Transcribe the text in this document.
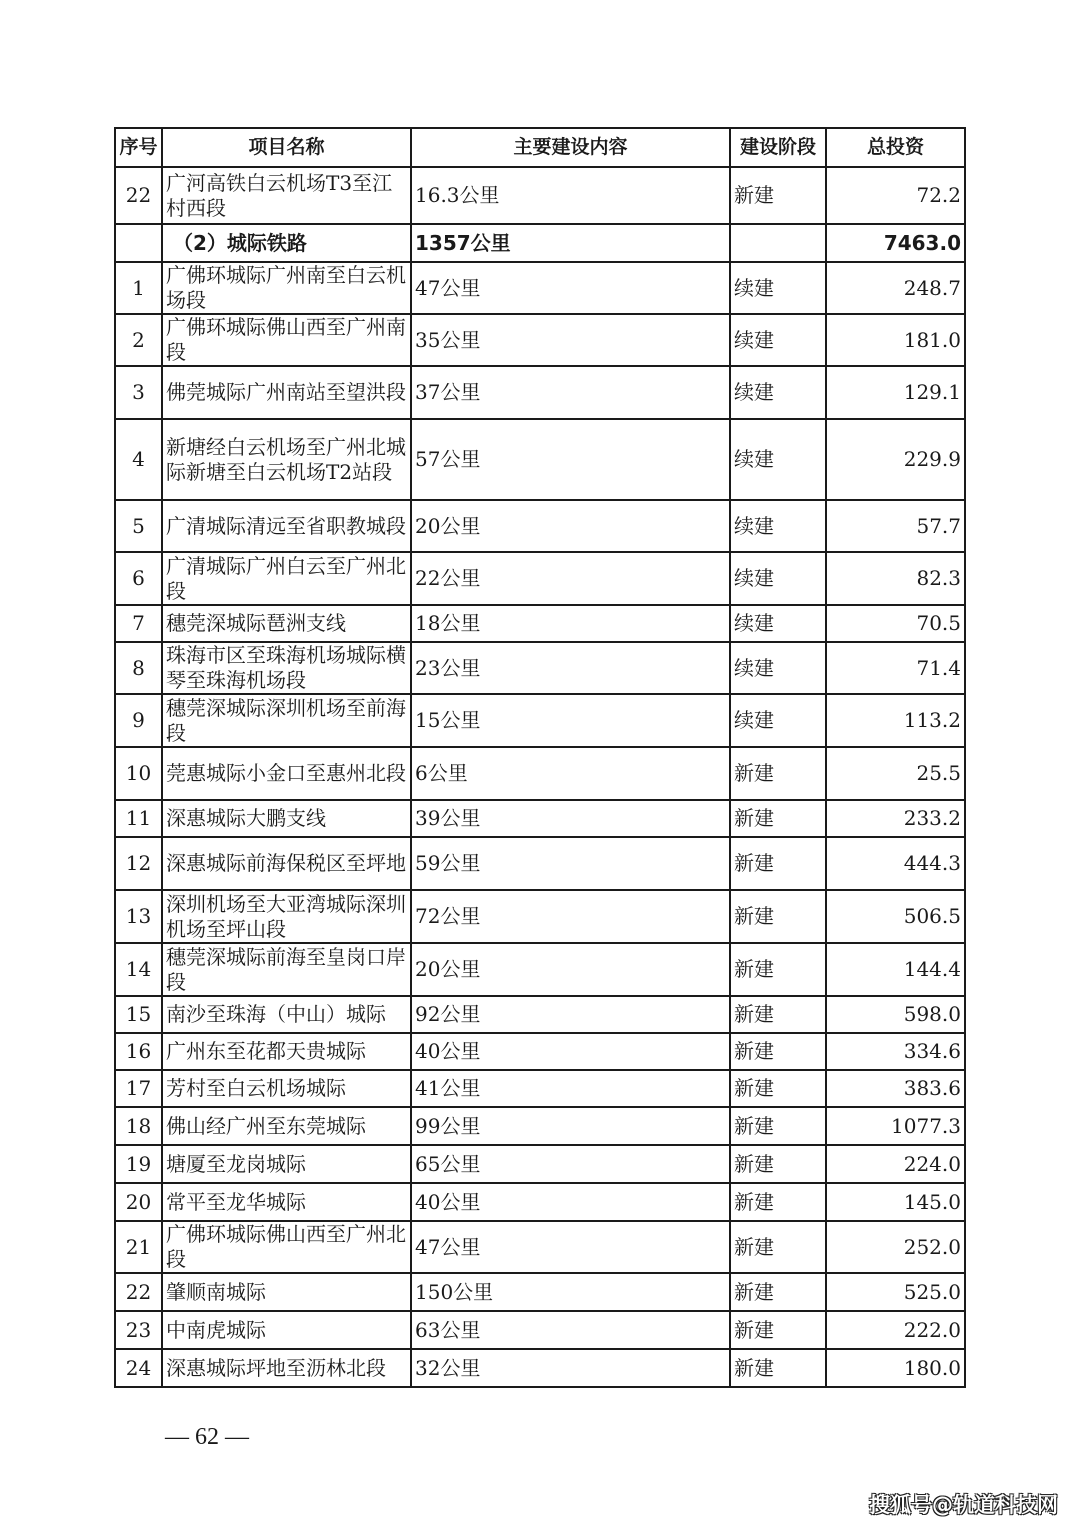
序号	项目名称	主要建设内容	建设阶段	总投资
22	广河高铁白云机场T3至江村西段	16.3公里	新建	72.2
	（2）城际铁路	1357公里		7463.0
1	广佛环城际广州南至白云机场段	47公里	续建	248.7
2	广佛环城际佛山西至广州南段	35公里	续建	181.0
3	佛莞城际广州南站至望洪段	37公里	续建	129.1
4	新塘经白云机场至广州北城际新塘至白云机场T2站段	57公里	续建	229.9
5	广清城际清远至省职教城段	20公里	续建	57.7
6	广清城际广州白云至广州北段	22公里	续建	82.3
7	穗莞深城际琶洲支线	18公里	续建	70.5
8	珠海市区至珠海机场城际横琴至珠海机场段	23公里	续建	71.4
9	穗莞深城际深圳机场至前海段	15公里	续建	113.2
10	莞惠城际小金口至惠州北段	6公里	新建	25.5
11	深惠城际大鹏支线	39公里	新建	233.2
12	深惠城际前海保税区至坪地	59公里	新建	444.3
13	深圳机场至大亚湾城际深圳机场至坪山段	72公里	新建	506.5
14	穗莞深城际前海至皇岗口岸段	20公里	新建	144.4
15	南沙至珠海（中山）城际	92公里	新建	598.0
16	广州东至花都天贵城际	40公里	新建	334.6
17	芳村至白云机场城际	41公里	新建	383.6
18	佛山经广州至东莞城际	99公里	新建	1077.3
19	塘厦至龙岗城际	65公里	新建	224.0
20	常平至龙华城际	40公里	新建	145.0
21	广佛环城际佛山西至广州北段	47公里	新建	252.0
22	肇顺南城际	150公里	新建	525.0
23	中南虎城际	63公里	新建	222.0
24	深惠城际坪地至沥林北段	32公里	新建	180.0
— 62 —
搜狐号@轨道科技网
